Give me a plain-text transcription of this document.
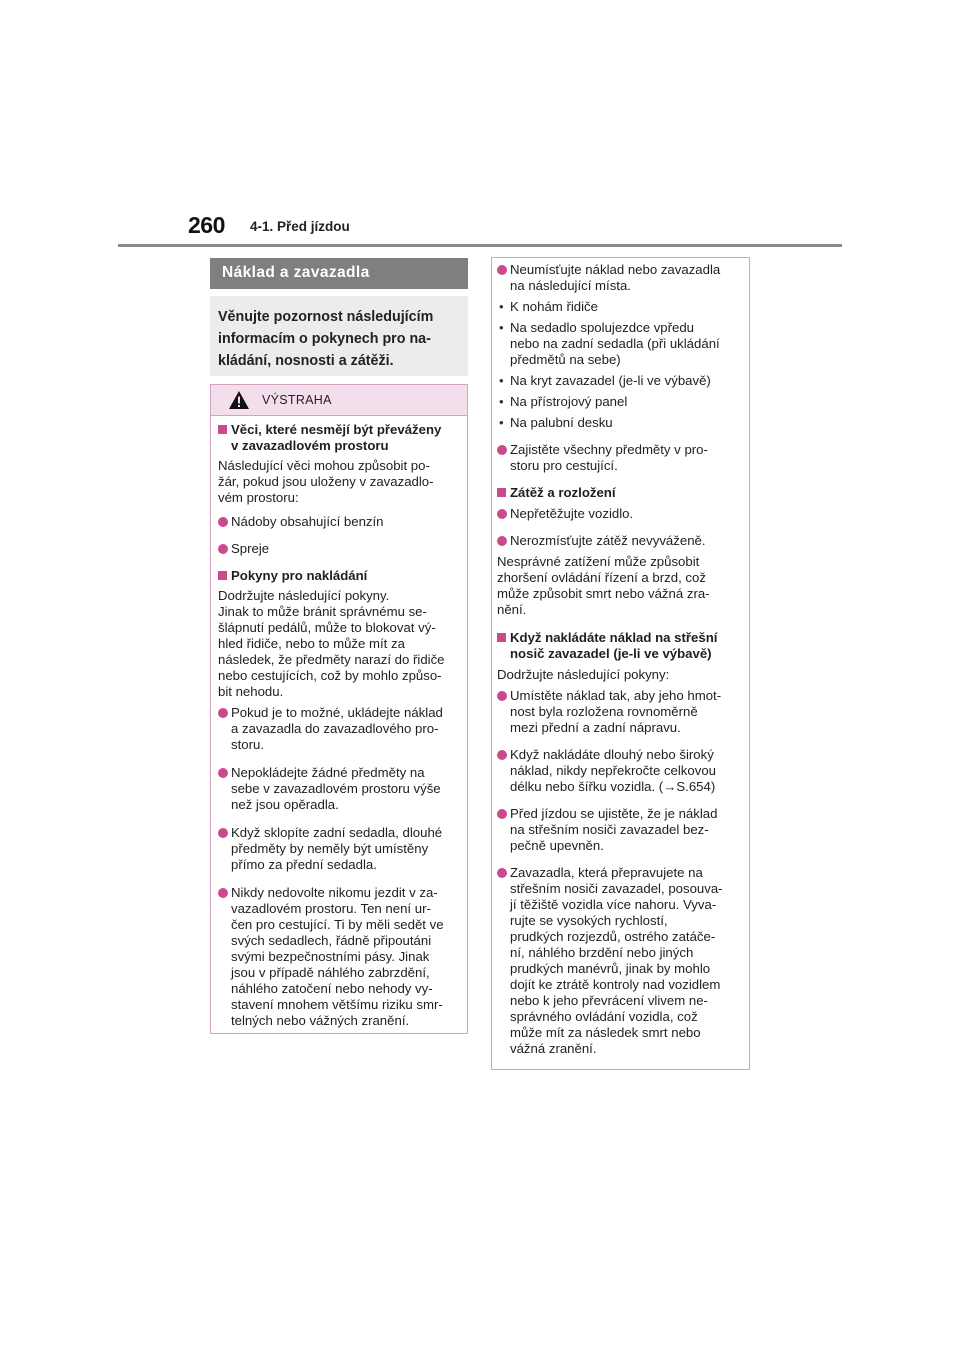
260 4-1. Před jízdou
Náklad a zavazadla
Věnujte pozornost následujícím
informacím o pokynech pro na-
kládání, nosnosti a zátěži.
VÝSTRAHA
Věci, které nesmějí být převáženy
v zavazadlovém prostoru
Následující věci mohou způsobit po-
žár, pokud jsou uloženy v zavazadlo-
vém prostoru:
Nádoby obsahující benzín
Spreje
Pokyny pro nakládání
Dodržujte následující pokyny.
Jinak to může bránit správnému se-
šlápnutí pedálů, může to blokovat vý-
hled řidiče, nebo to může mít za
následek, že předměty narazí do řidiče
nebo cestujících, což by mohlo způso-
bit nehodu.
Pokud je to možné, ukládejte náklad
a zavazadla do zavazadlového pro-
storu.
Nepokládejte žádné předměty na
sebe v zavazadlovém prostoru výše
než jsou opěradla.
Když sklopíte zadní sedadla, dlouhé
předměty by neměly být umístěny
přímo za přední sedadla.
Nikdy nedovolte nikomu jezdit v za-
vazadlovém prostoru. Ten není ur-
čen pro cestující. Ti by měli sedět ve
svých sedadlech, řádně připoutáni
svými bezpečnostními pásy. Jinak
jsou v případě náhlého zabrzdění,
náhlého zatočení nebo nehody vy-
stavení mnohem většímu riziku smr-
telných nebo vážných zranění.
Neumísťujte náklad nebo zavazadla
na následující místa.
• K nohám řidiče
• Na sedadlo spolujezdce vpředu
nebo na zadní sedadla (při ukládání
předmětů na sebe)
• Na kryt zavazadel (je-li ve výbavě)
• Na přístrojový panel
• Na palubní desku
Zajistěte všechny předměty v pro-
storu pro cestující.
Zátěž a rozložení
Nepřetěžujte vozidlo.
Nerozmísťujte zátěž nevyváženě.
Nesprávné zatížení může způsobit
zhoršení ovládání řízení a brzd, což
může způsobit smrt nebo vážná zra-
nění.
Když nakládáte náklad na střešní
nosič zavazadel (je-li ve výbavě)
Dodržujte následující pokyny:
Umístěte náklad tak, aby jeho hmot-
nost byla rozložena rovnoměrně
mezi přední a zadní nápravu.
Když nakládáte dlouhý nebo široký
náklad, nikdy nepřekročte celkovou
délku nebo šířku vozidla. (→S.654)
Před jízdou se ujistěte, že je náklad
na střešním nosiči zavazadel bez-
pečně upevněn.
Zavazadla, která přepravujete na
střešním nosiči zavazadel, posouva-
jí těžiště vozidla více nahoru. Vyva-
rujte se vysokých rychlostí,
prudkých rozjezdů, ostrého zatáče-
ní, náhlého brzdění nebo jiných
prudkých manévrů, jinak by mohlo
dojít ke ztrátě kontroly nad vozidlem
nebo k jeho převrácení vlivem ne-
správného ovládání vozidla, což
může mít za následek smrt nebo
vážná zranění.
